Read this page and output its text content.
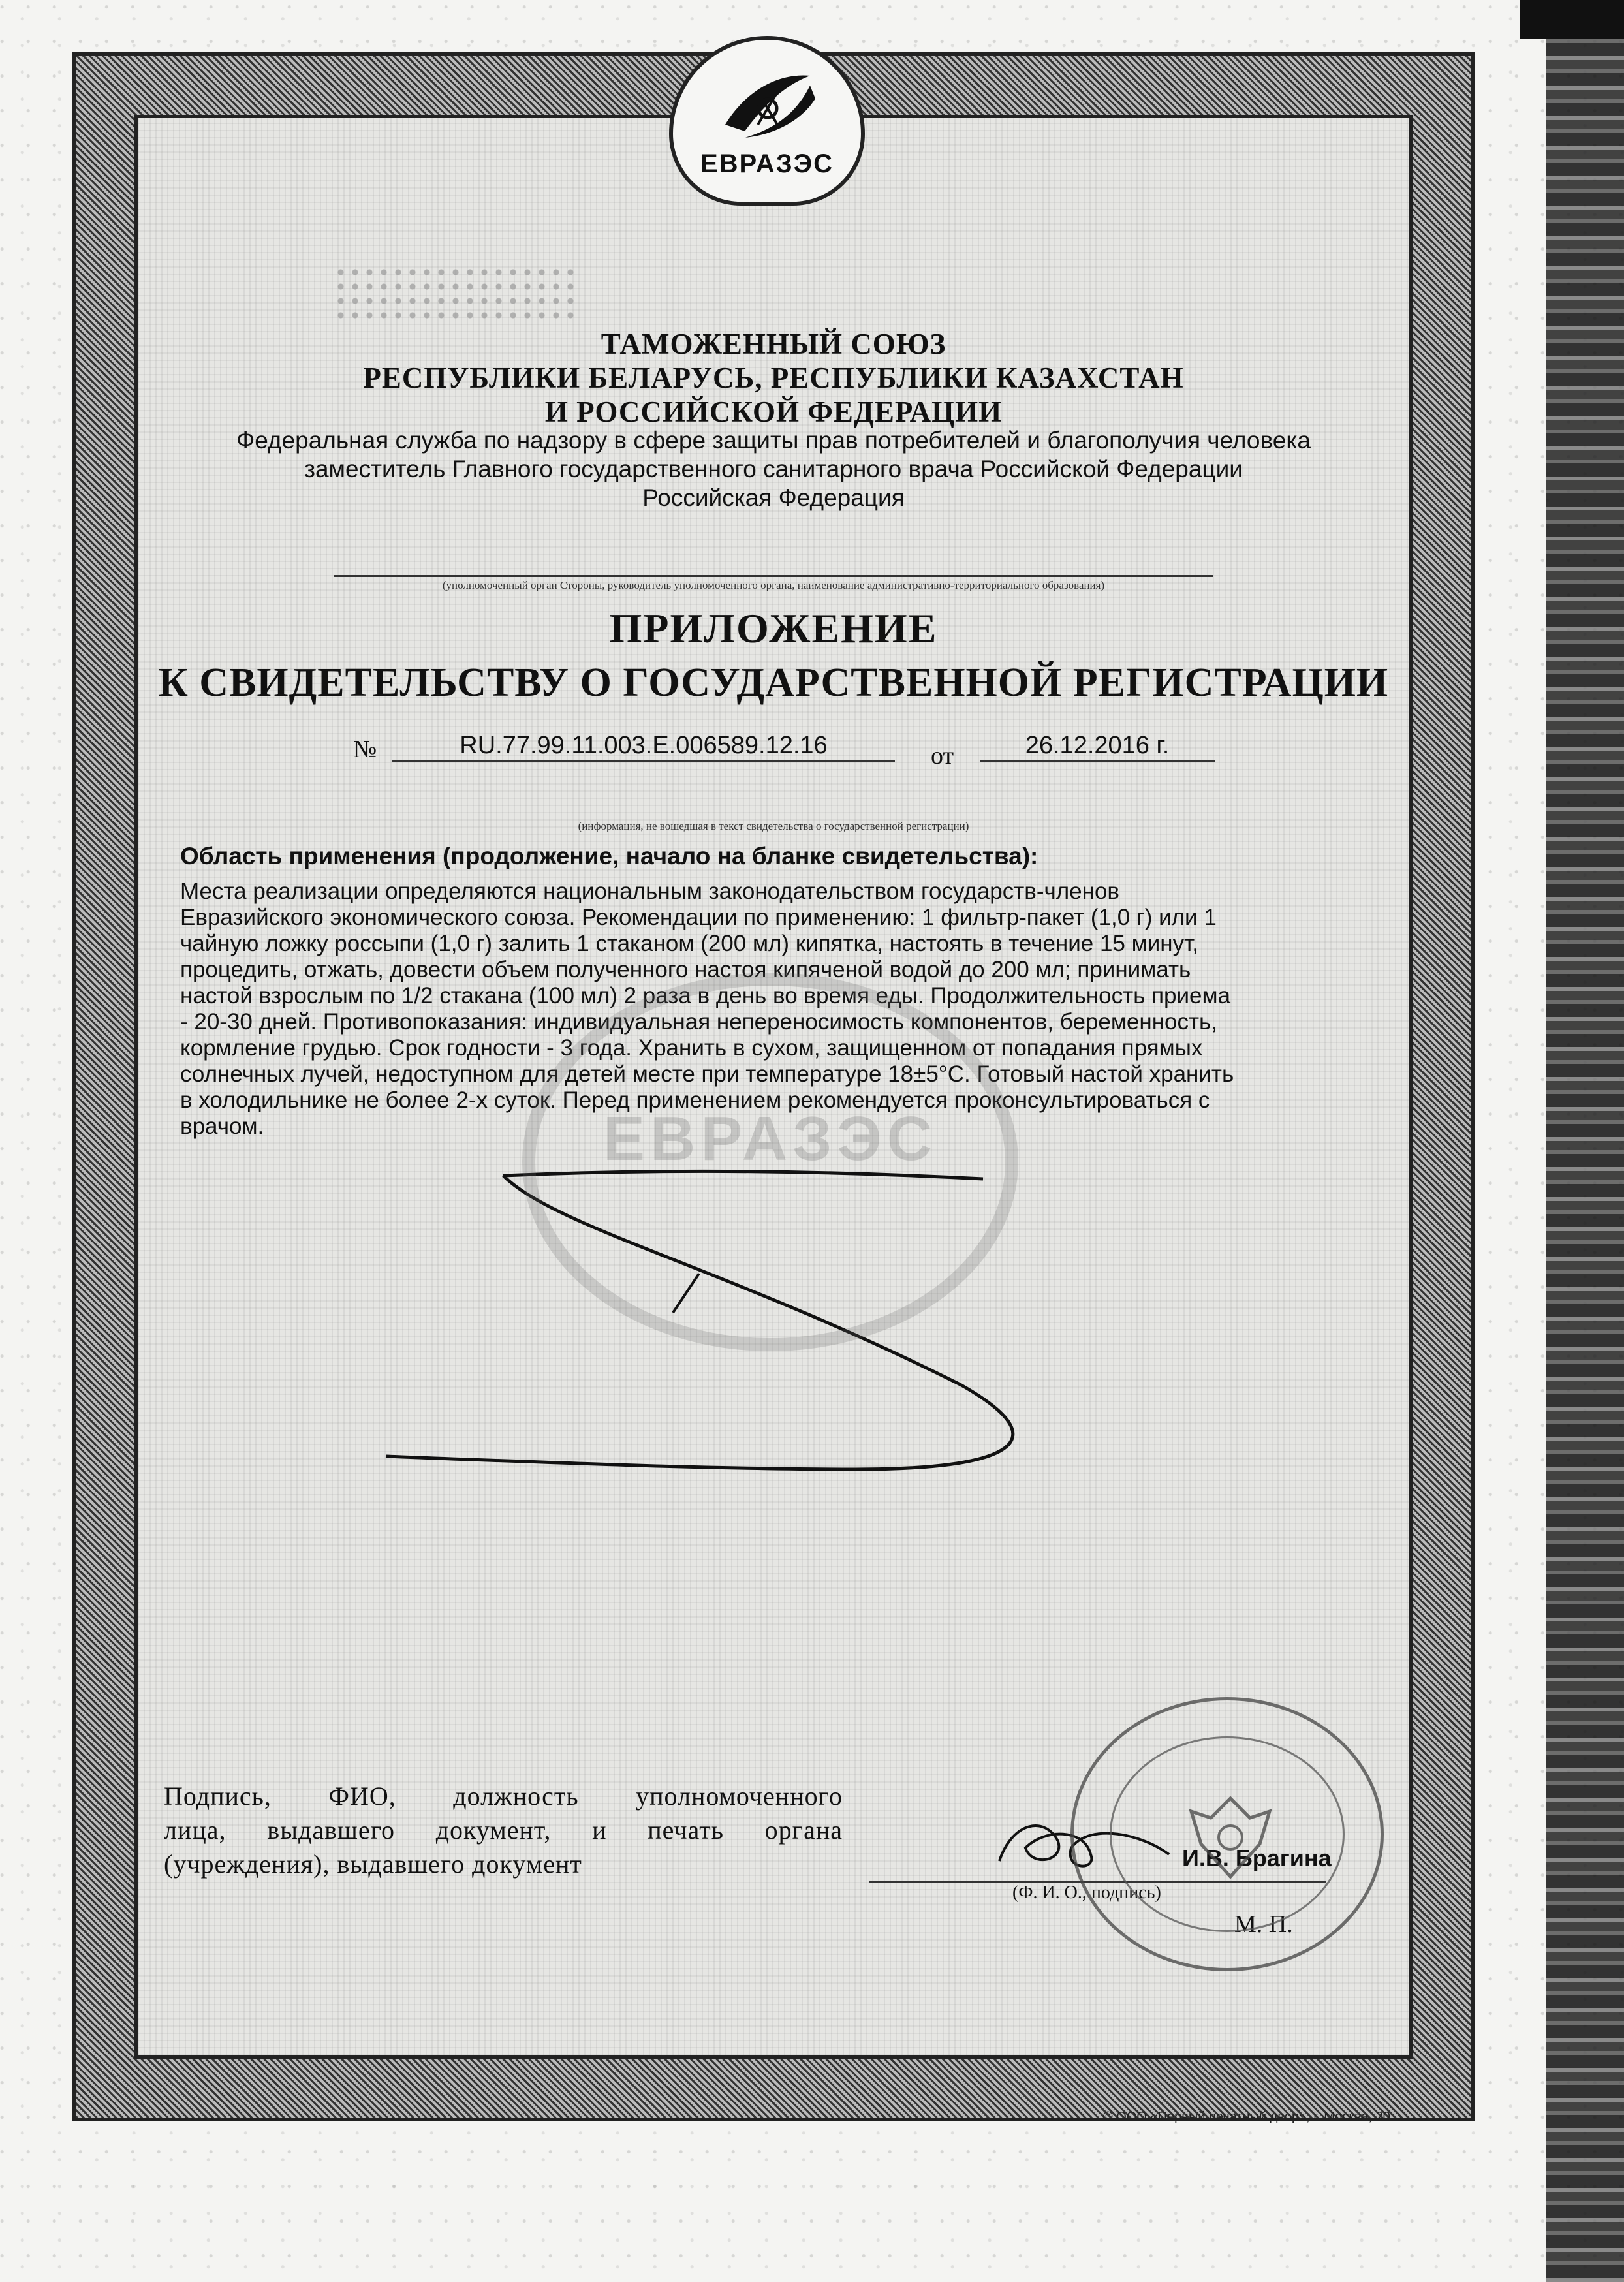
ТАМОЖЕННЫЙ СОЮЗ
РЕСПУБЛИКИ БЕЛАРУСЬ, РЕСПУБЛИКИ КАЗАХСТАН
И РОССИЙСКОЙ ФЕДЕРАЦИИ
Федеральная служба по надзору в сфере защиты прав потребителей и благополучия человека
заместитель Главного государственного санитарного врача Российской Федерации
Российская Федерация
(уполномоченный орган Стороны, руководитель уполномоченного органа, наименование административно-территориального образования)
ПРИЛОЖЕНИЕ
К СВИДЕТЕЛЬСТВУ О ГОСУДАРСТВЕННОЙ РЕГИСТРАЦИИ
№	RU.77.99.11.003.E.006589.12.16	от	26.12.2016 г.
(информация, не вошедшая в текст свидетельства о государственной регистрации)
Область применения (продолжение, начало на бланке свидетельства):
Места реализации определяются национальным законодательством государств-членов
Евразийского экономического союза. Рекомендации по применению: 1 фильтр-пакет (1,0 г) или 1
чайную ложку россыпи (1,0 г) залить 1 стаканом (200 мл) кипятка, настоять в течение 15 минут,
процедить, отжать, довести объем полученного настоя кипяченой водой до 200 мл; принимать
настой взрослым по 1/2 стакана (100 мл) 2 раза в день во время еды. Продолжительность приема
- 20-30 дней. Противопоказания: индивидуальная непереносимость компонентов, беременность,
кормление грудью. Срок годности - 3 года. Хранить в сухом, защищенном от попадания прямых
солнечных лучей, недоступном для детей месте при температуре 18±5°С. Готовый настой хранить
в холодильнике не более 2-х суток. Перед применением рекомендуется проконсультироваться с
врачом.
Подпись, ФИО, должность уполномоченного
лица, выдавшего документ, и печать органа
(учреждения), выдавшего документ
(Ф. И. О., подпись)
И.В. Брагина
М. П.
ЕВРАЗЭС
ЕВРАЗЭС
© ООО «Первый печатный двор», г. Москва, 20
